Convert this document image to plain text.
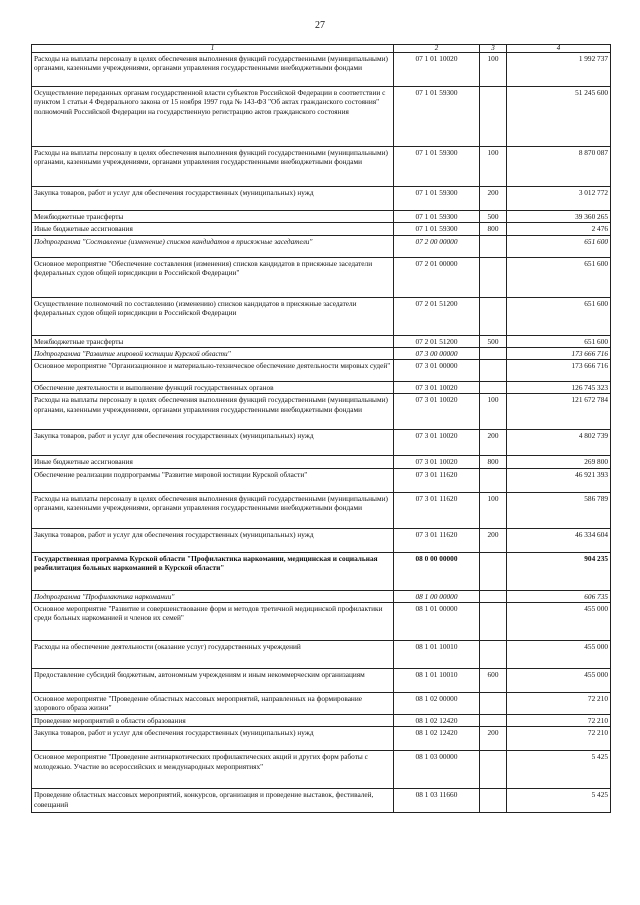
27
1	2	3	4
Расходы на выплаты персоналу в целях обеспечения выполнения функций государственными (муниципальными) органами, казенными учреждениями, органами управления государственными внебюджетными фондами	07 1 01 10020	100	1 992 737
Осуществление переданных органам государственной власти субъектов Российской Федерации в соответствии с пунктом 1 статьи 4 Федерального закона от 15 ноября 1997 года № 143-ФЗ "Об актах гражданского состояния" полномочий Российской Федерации на государственную регистрацию актов гражданского состояния	07 1 01 59300		51 245 600
Расходы на выплаты персоналу в целях обеспечения выполнения функций государственными (муниципальными) органами, казенными учреждениями, органами управления государственными внебюджетными фондами	07 1 01 59300	100	8 870 087
Закупка товаров, работ и услуг для обеспечения государственных (муниципальных) нужд	07 1 01 59300	200	3 012 772
Межбюджетные трансферты	07 1 01 59300	500	39 360 265
Иные бюджетные ассигнования	07 1 01 59300	800	2 476
Подпрограмма "Составление (изменение) списков кандидатов в присяжные заседатели"	07 2 00 00000		651 600
Основное мероприятие "Обеспечение составления (изменения) списков кандидатов в присяжные заседатели федеральных судов общей юрисдикции в Российской Федерации"	07 2 01 00000		651 600
Осуществление полномочий по составлению (изменению) списков кандидатов в присяжные заседатели федеральных судов общей юрисдикции в Российской Федерации	07 2 01 51200		651 600
Межбюджетные трансферты	07 2 01 51200	500	651 600
Подпрограмма "Развитие мировой юстиции Курской области"	07 3 00 00000		173 666 716
Основное мероприятие "Организационное и материально-техническое обеспечение деятельности мировых судей"	07 3 01 00000		173 666 716
Обеспечение деятельности и выполнение функций государственных органов	07 3 01 10020		126 745 323
Расходы на выплаты персоналу в целях обеспечения выполнения функций государственными (муниципальными) органами, казенными учреждениями, органами управления государственными внебюджетными фондами	07 3 01 10020	100	121 672 784
Закупка товаров, работ и услуг для обеспечения государственных (муниципальных) нужд	07 3 01 10020	200	4 802 739
Иные бюджетные ассигнования	07 3 01 10020	800	269 800
Обеспечение реализации подпрограммы "Развитие мировой юстиции Курской области"	07 3 01 11620		46 921 393
Расходы на выплаты персоналу в целях обеспечения выполнения функций государственными (муниципальными) органами, казенными учреждениями, органами управления государственными внебюджетными фондами	07 3 01 11620	100	586 789
Закупка товаров, работ и услуг для обеспечения государственных (муниципальных) нужд	07 3 01 11620	200	46 334 604
Государственная программа Курской области "Профилактика наркомании, медицинская и социальная реабилитация больных наркоманией в Курской области"	08 0 00 00000		904 235
Подпрограмма "Профилактика наркомании"	08 1 00 00000		606 735
Основное мероприятие "Развитие и совершенствование форм и методов третичной медицинской профилактики среди больных наркоманией и членов их семей"	08 1 01 00000		455 000
Расходы на обеспечение деятельности (оказание услуг) государственных учреждений	08 1 01 10010		455 000
Предоставление субсидий бюджетным, автономным учреждениям и иным некоммерческим организациям	08 1 01 10010	600	455 000
Основное мероприятие "Проведение областных массовых мероприятий, направленных на формирование здорового образа жизни"	08 1 02 00000		72 210
Проведение мероприятий в области образования	08 1 02 12420		72 210
Закупка товаров, работ и услуг для обеспечения государственных (муниципальных) нужд	08 1 02 12420	200	72 210
Основное мероприятие "Проведение антинаркотических профилактических акций и других форм работы с молодежью. Участие во всероссийских и международных мероприятиях"	08 1 03 00000		5 425
Проведение областных массовых мероприятий, конкурсов, организация и проведение выставок, фестивалей, совещаний	08 1 03 11660		5 425
